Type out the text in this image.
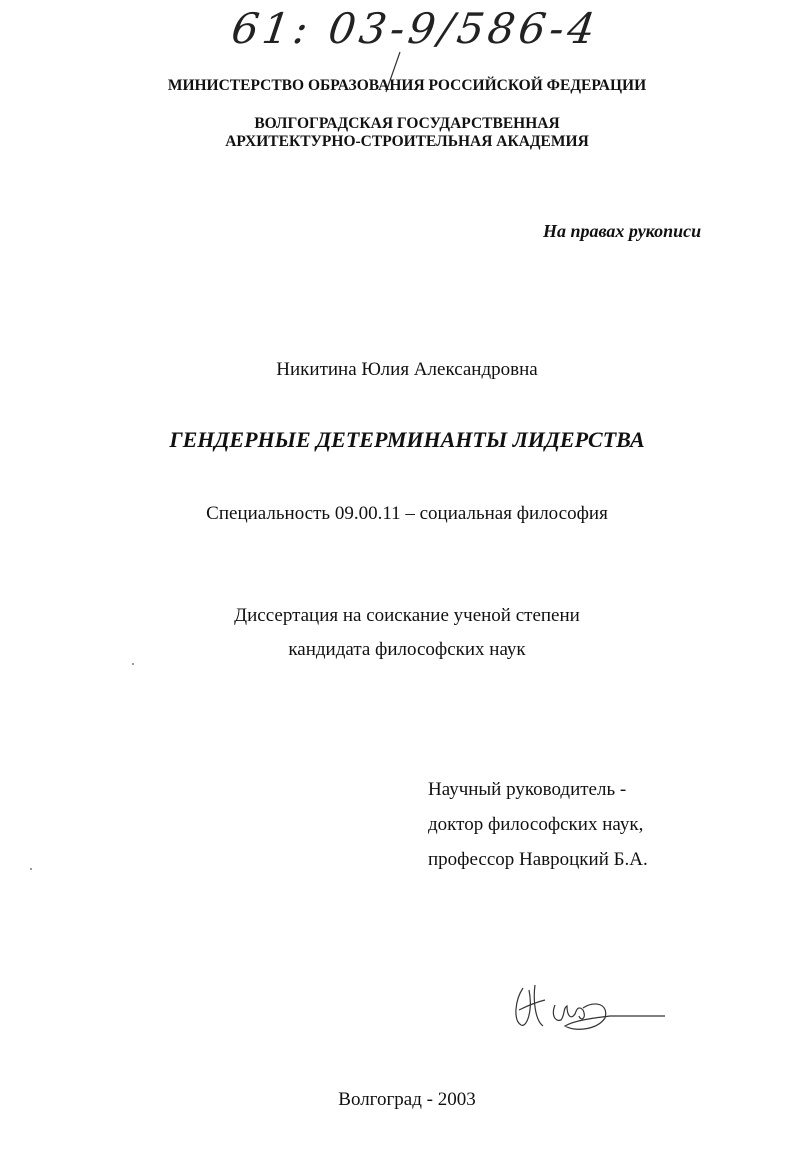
61: 03-9/586-4
МИНИСТЕРСТВО ОБРАЗОВАНИЯ РОССИЙСКОЙ ФЕДЕРАЦИИ
ВОЛГОГРАДСКАЯ ГОСУДАРСТВЕННАЯ
АРХИТЕКТУРНО-СТРОИТЕЛЬНАЯ АКАДЕМИЯ
На правах рукописи
Никитина Юлия Александровна
ГЕНДЕРНЫЕ ДЕТЕРМИНАНТЫ ЛИДЕРСТВА
Специальность 09.00.11 – социальная философия
Диссертация на соискание ученой степени
кандидата философских наук
Научный руководитель -
доктор философских наук,
профессор Навроцкий Б.А.
Волгоград - 2003
